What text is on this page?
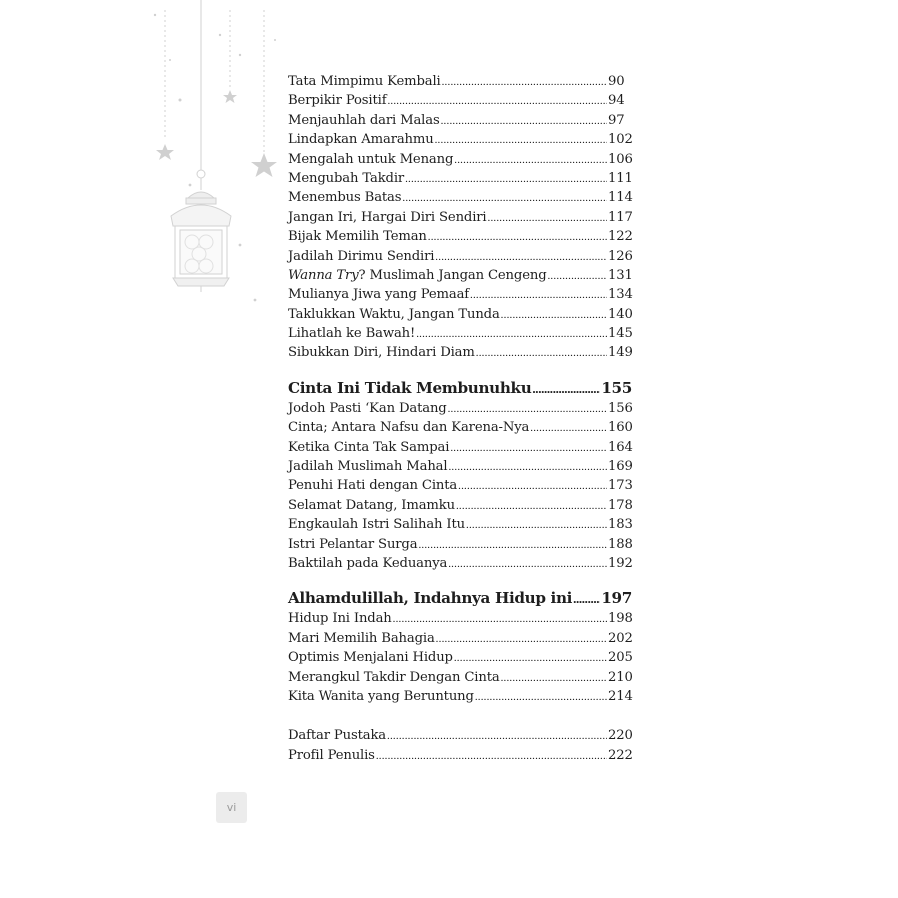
Tata Mimpimu Kembali .....	90
Berpikir Positif .....	94
Menjauhlah dari Malas .....	97
Lindapkan Amarahmu .....	102
Mengalah untuk Menang .....	106
Mengubah Takdir .....	111
Menembus Batas .....	114
Jangan Iri, Hargai Diri Sendiri .....	117
Bijak Memilih Teman .....	122
Jadilah Dirimu Sendiri .....	126
Wanna Try? Muslimah Jangan Cengeng .....	131
Mulianya Jiwa yang Pemaaf .....	134
Taklukkan Waktu, Jangan Tunda .....	140
Lihatlah ke Bawah! .....	145
Sibukkan Diri, Hindari Diam .....	149
Cinta Ini Tidak Membunuhku .....	155
Jodoh Pasti ‘Kan Datang .....	156
Cinta; Antara Nafsu dan Karena-Nya .....	160
Ketika Cinta Tak Sampai .....	164
Jadilah Muslimah Mahal .....	169
Penuhi Hati dengan Cinta .....	173
Selamat Datang, Imamku .....	178
Engkaulah Istri Salihah Itu .....	183
Istri Pelantar Surga .....	188
Baktilah pada Keduanya .....	192
Alhamdulillah, Indahnya Hidup ini ..... 197
Hidup Ini Indah .....	198
Mari Memilih Bahagia .....	202
Optimis Menjalani Hidup .....	205
Merangkul Takdir Dengan Cinta .....	210
Kita Wanita yang Beruntung .....	214
Daftar Pustaka .....	220
Profil Penulis .....	222
vi
